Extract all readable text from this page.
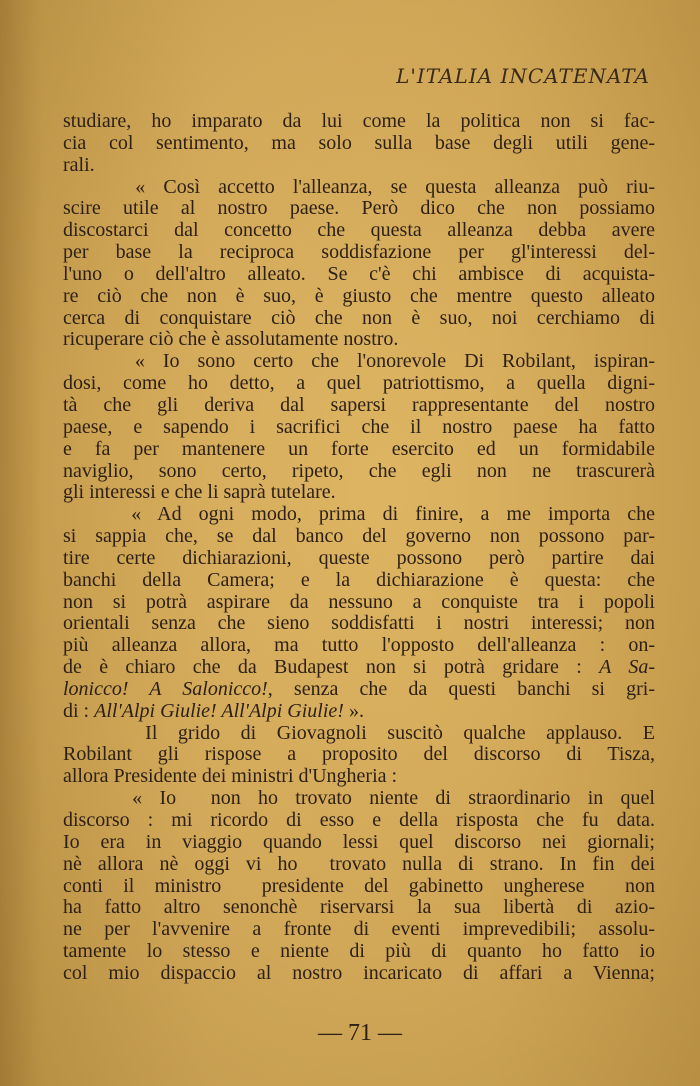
L'ITALIA INCATENATA

studiare, ho imparato da lui come la politica non si fac-
cia col sentimento, ma solo sulla base degli utili gene-
rali.
« Così accetto l'alleanza, se questa alleanza può riu-
scire utile al nostro paese. Però dico che non possiamo
discostarci dal concetto che questa alleanza debba avere
per base la reciproca soddisfazione per gl'interessi del-
l'uno o dell'altro alleato. Se c'è chi ambisce di acquista-
re ciò che non è suo, è giusto che mentre questo alleato
cerca di conquistare ciò che non è suo, noi cerchiamo di
ricuperare ciò che è assolutamente nostro.
« Io sono certo che l'onorevole Di Robilant, ispiran-
dosi, come ho detto, a quel patriottismo, a quella digni-
tà che gli deriva dal sapersi rappresentante del nostro
paese, e sapendo i sacrifici che il nostro paese ha fatto
e fa per mantenere un forte esercito ed un formidabile
naviglio, sono certo, ripeto, che egli non ne trascurerà
gli interessi e che li saprà tutelare.
« Ad ogni modo, prima di finire, a me importa che
si sappia che, se dal banco del governo non possono par-
tire certe dichiarazioni, queste possono però partire dai
banchi della Camera; e la dichiarazione è questa: che
non si potrà aspirare da nessuno a conquiste tra i popoli
orientali senza che sieno soddisfatti i nostri interessi; non
più alleanza allora, ma tutto l'opposto dell'alleanza : on-
de è chiaro che da Budapest non si potrà gridare : A Sa-
lonicco! A Salonicco!, senza che da questi banchi si gri-
di : All'Alpi Giulie! All'Alpi Giulie! ».
Il grido di Giovagnoli suscitò qualche applauso. E
Robilant gli rispose a proposito del discorso di Tisza,
allora Presidente dei ministri d'Ungheria :
« Io  non ho trovato niente di straordinario in quel
discorso : mi ricordo di esso e della risposta che fu data.
Io era in viaggio quando lessi quel discorso nei giornali;
nè allora nè oggi vi ho  trovato nulla di strano. In fin dei
conti il ministro  presidente del gabinetto ungherese  non
ha fatto altro senonchè riservarsi la sua libertà di azio-
ne per l'avvenire a fronte di eventi imprevedibili; assolu-
tamente lo stesso e niente di più di quanto ho fatto io
col mio dispaccio al nostro incaricato di affari a Vienna;
— 71 —
